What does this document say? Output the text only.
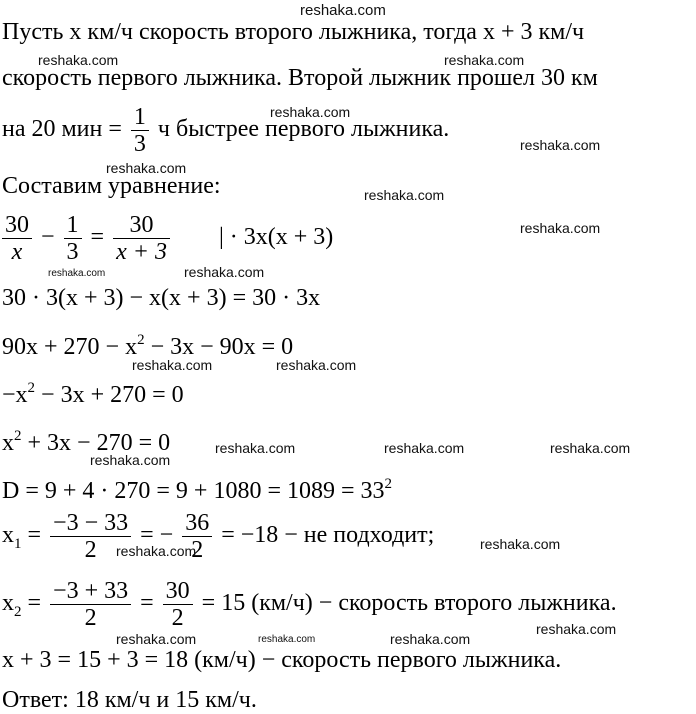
Пусть x км/ч скорость второго лыжника, тогда x + 3 км/ч
скорость первого лыжника. Второй лыжник прошел 30 км
на 20 мин = $\frac{1}{3}$ ч быстрее первого лыжника.
Составим уравнение:
$\frac{30}{x} - \frac{1}{3} = \frac{30}{x + 3}$ | · 3x(x + 3)
30 · 3(x + 3) − x(x + 3) = 30 · 3x
$90x + 270 - x^2 - 3x - 90x = 0$
$-x^2 - 3x + 270 = 0$
$x^2 + 3x - 270 = 0$
$D = 9 + 4 \cdot 270 = 9 + 1080 = 1089 = 33^2$
$x_1 = \frac{-3 - 33}{2}$ = − $\frac{36}{2} = -18$ − не подходит;
$x_2 = \frac{-3 + 33}{2} = \frac{30}{2} = 15$ (км/ч) − скорость второго лыжника.
x + 3 = 15 + 3 = 18 (км/ч) − скорость первого лыжника.
Ответ: 18 км/ч и 15 км/ч.
reshaka.com
reshaka.com	reshaka.com
reshaka.com
reshaka.com
reshaka.com
reshaka.com
reshaka.com
reshaka.com	reshaka.com
reshaka.com	reshaka.com
reshaka.com	reshaka.com	reshaka.com
reshaka.com
reshaka.com	reshaka.com
reshaka.com
reshaka.com	reshaka.com	reshaka.com
